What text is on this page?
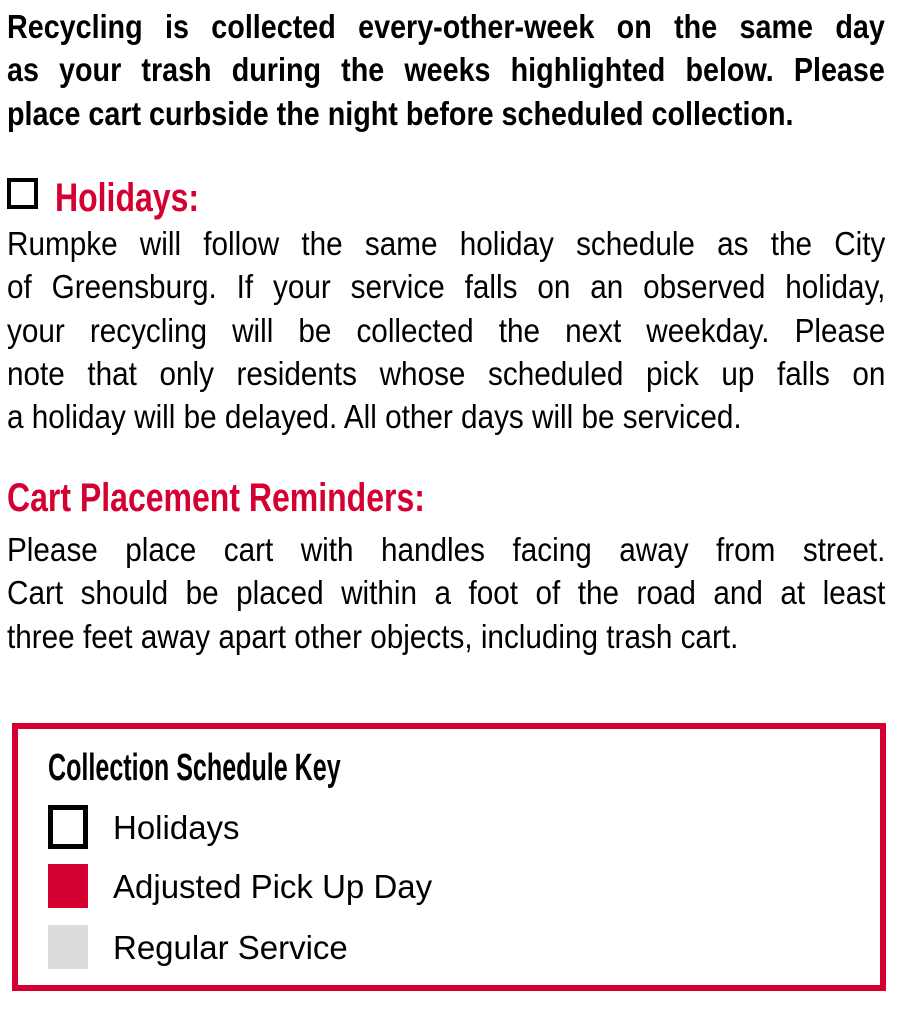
Recycling is collected every-other-week on the same day
as your trash during the weeks highlighted below. Please
place cart curbside the night before scheduled collection.
Holidays:
Rumpke will follow the same holiday schedule as the City
of Greensburg. If your service falls on an observed holiday,
your recycling will be collected the next weekday. Please
note that only residents whose scheduled pick up falls on
a holiday will be delayed. All other days will be serviced.
Cart Placement Reminders:
Please place cart with handles facing away from street.
Cart should be placed within a foot of the road and at least
three feet away apart other objects, including trash cart.
Collection Schedule Key
Holidays
Adjusted Pick Up Day
Regular Service
